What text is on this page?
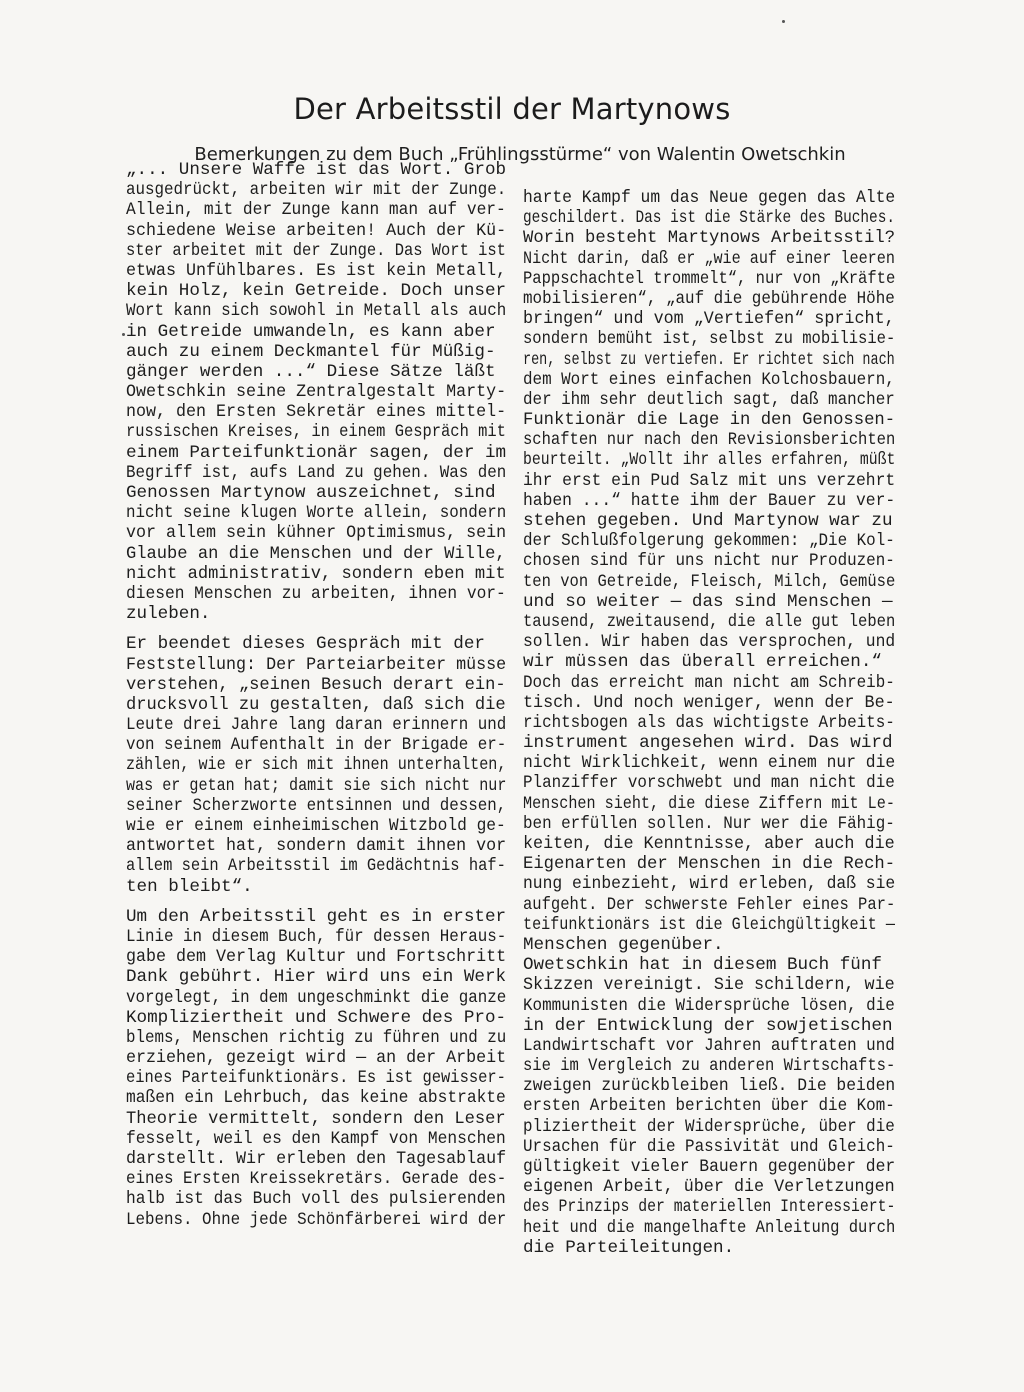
Der Arbeitsstil der Martynows
Bemerkungen zu dem Buch „Frühlingsstürme“ von Walentin Owetschkin
„... Unsere Waffe ist das Wort. Grob
ausgedrückt, arbeiten wir mit der Zunge.
Allein, mit der Zunge kann man auf ver-
schiedene Weise arbeiten! Auch der Kü-
ster arbeitet mit der Zunge. Das Wort ist
etwas Unfühlbares. Es ist kein Metall,
kein Holz, kein Getreide. Doch unser
Wort kann sich sowohl in Metall als auch
in Getreide umwandeln, es kann aber
auch zu einem Deckmantel für Müßig-
gänger werden ...“ Diese Sätze läßt
Owetschkin seine Zentralgestalt Marty-
now, den Ersten Sekretär eines mittel-
russischen Kreises, in einem Gespräch mit
einem Parteifunktionär sagen, der im
Begriff ist, aufs Land zu gehen. Was den
Genossen Martynow auszeichnet, sind
nicht seine klugen Worte allein, sondern
vor allem sein kühner Optimismus, sein
Glaube an die Menschen und der Wille,
nicht administrativ, sondern eben mit
diesen Menschen zu arbeiten, ihnen vor-
zuleben.
Er beendet dieses Gespräch mit der
Feststellung: Der Parteiarbeiter müsse
verstehen, „seinen Besuch derart ein-
drucksvoll zu gestalten, daß sich die
Leute drei Jahre lang daran erinnern und
von seinem Aufenthalt in der Brigade er-
zählen, wie er sich mit ihnen unterhalten,
was er getan hat; damit sie sich nicht nur
seiner Scherzworte entsinnen und dessen,
wie er einem einheimischen Witzbold ge-
antwortet hat, sondern damit ihnen vor
allem sein Arbeitsstil im Gedächtnis haf-
ten bleibt“.
Um den Arbeitsstil geht es in erster
Linie in diesem Buch, für dessen Heraus-
gabe dem Verlag Kultur und Fortschritt
Dank gebührt. Hier wird uns ein Werk
vorgelegt, in dem ungeschminkt die ganze
Kompliziertheit und Schwere des Pro-
blems, Menschen richtig zu führen und zu
erziehen, gezeigt wird — an der Arbeit
eines Parteifunktionärs. Es ist gewisser-
maßen ein Lehrbuch, das keine abstrakte
Theorie vermittelt, sondern den Leser
fesselt, weil es den Kampf von Menschen
darstellt. Wir erleben den Tagesablauf
eines Ersten Kreissekretärs. Gerade des-
halb ist das Buch voll des pulsierenden
Lebens. Ohne jede Schönfärberei wird der
harte Kampf um das Neue gegen das Alte
geschildert. Das ist die Stärke des Buches.
Worin besteht Martynows Arbeitsstil?
Nicht darin, daß er „wie auf einer leeren
Pappschachtel trommelt“, nur von „Kräfte
mobilisieren“, „auf die gebührende Höhe
bringen“ und vom „Vertiefen“ spricht,
sondern bemüht ist, selbst zu mobilisie-
ren, selbst zu vertiefen. Er richtet sich nach
dem Wort eines einfachen Kolchosbauern,
der ihm sehr deutlich sagt, daß mancher
Funktionär die Lage in den Genossen-
schaften nur nach den Revisionsberichten
beurteilt. „Wollt ihr alles erfahren, müßt
ihr erst ein Pud Salz mit uns verzehrt
haben ...“ hatte ihm der Bauer zu ver-
stehen gegeben. Und Martynow war zu
der Schlußfolgerung gekommen: „Die Kol-
chosen sind für uns nicht nur Produzen-
ten von Getreide, Fleisch, Milch, Gemüse
und so weiter — das sind Menschen —
tausend, zweitausend, die alle gut leben
sollen. Wir haben das versprochen, und
wir müssen das überall erreichen.“
Doch das erreicht man nicht am Schreib-
tisch. Und noch weniger, wenn der Be-
richtsbogen als das wichtigste Arbeits-
instrument angesehen wird. Das wird
nicht Wirklichkeit, wenn einem nur die
Planziffer vorschwebt und man nicht die
Menschen sieht, die diese Ziffern mit Le-
ben erfüllen sollen. Nur wer die Fähig-
keiten, die Kenntnisse, aber auch die
Eigenarten der Menschen in die Rech-
nung einbezieht, wird erleben, daß sie
aufgeht. Der schwerste Fehler eines Par-
teifunktionärs ist die Gleichgültigkeit —
Menschen gegenüber.
Owetschkin hat in diesem Buch fünf
Skizzen vereinigt. Sie schildern, wie
Kommunisten die Widersprüche lösen, die
in der Entwicklung der sowjetischen
Landwirtschaft vor Jahren auftraten und
sie im Vergleich zu anderen Wirtschafts-
zweigen zurückbleiben ließ. Die beiden
ersten Arbeiten berichten über die Kom-
pliziertheit der Widersprüche, über die
Ursachen für die Passivität und Gleich-
gültigkeit vieler Bauern gegenüber der
eigenen Arbeit, über die Verletzungen
des Prinzips der materiellen Interessiert-
heit und die mangelhafte Anleitung durch
die Parteileitungen.
